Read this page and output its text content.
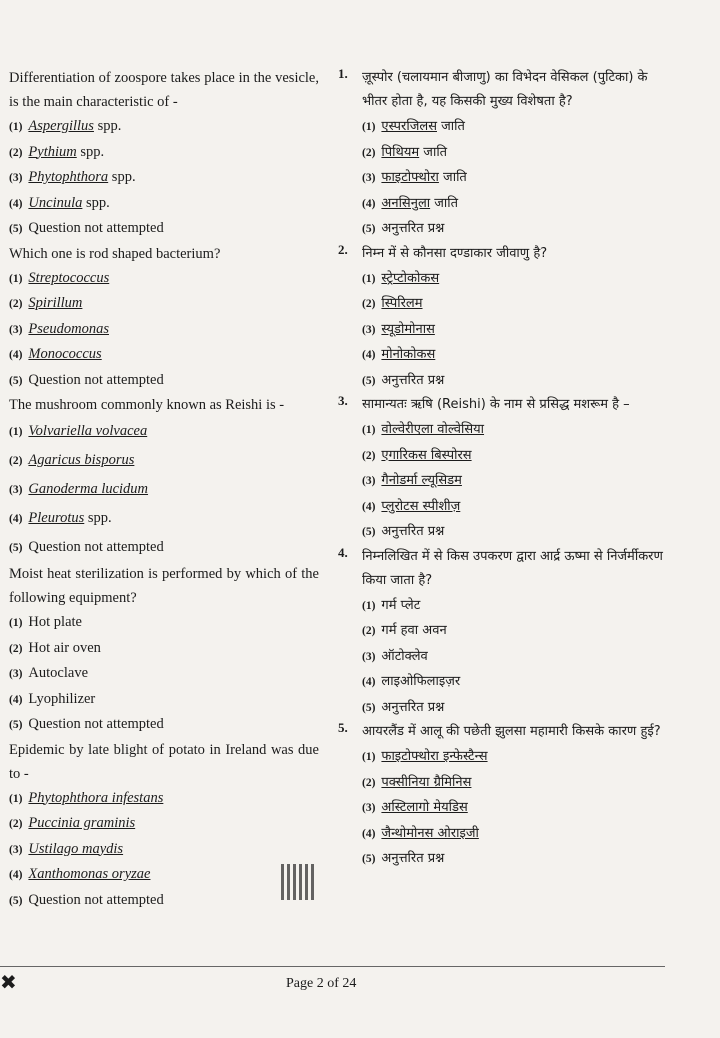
Differentiation of zoospore takes place in the vesicle, is the main characteristic of -
(1) Aspergillus spp.
(2) Pythium spp.
(3) Phytophthora spp.
(4) Uncinula spp.
(5) Question not attempted
Which one is rod shaped bacterium?
(1) Streptococcus
(2) Spirillum
(3) Pseudomonas
(4) Monococcus
(5) Question not attempted
The mushroom commonly known as Reishi is -
(1) Volvariella volvacea
(2) Agaricus bisporus
(3) Ganoderma lucidum
(4) Pleurotus spp.
(5) Question not attempted
Moist heat sterilization is performed by which of the following equipment?
(1) Hot plate
(2) Hot air oven
(3) Autoclave
(4) Lyophilizer
(5) Question not attempted
Epidemic by late blight of potato in Ireland was due to -
(1) Phytophthora infestans
(2) Puccinia graminis
(3) Ustilago maydis
(4) Xanthomonas oryzae
(5) Question not attempted
1.	ज़ूस्पोर (चलायमान बीजाणु) का विभेदन वेसिकल (पुटिका) के भीतर होता है, यह किसकी मुख्य विशेषता है?
(1) एस्परजिलस जाति
(2) पिथियम जाति
(3) फाइटोफ्थोरा जाति
(4) अनसिनुला जाति
(5) अनुत्तरित प्रश्न
2.	निम्न में से कौनसा दण्डाकार जीवाणु है?
(1) स्ट्रेप्टोकोकस
(2) स्पिरिलम
(3) स्यूडोमोनास
(4) मोनोकोकस
(5) अनुत्तरित प्रश्न
3.	सामान्यतः ऋषि (Reishi) के नाम से प्रसिद्ध मशरूम है –
(1) वोल्वेरीएला वोल्वेसिया
(2) एगारिकस बिस्पोरस
(3) गैनोडर्मा ल्यूसिडम
(4) प्लुरोटस स्पीशीज़
(5) अनुत्तरित प्रश्न
4.	निम्नलिखित में से किस उपकरण द्वारा आर्द्र ऊष्मा से निर्जर्मीकरण किया जाता है?
(1) गर्म प्लेट
(2) गर्म हवा अवन
(3) ऑटोक्लेव
(4) लाइओफिलाइज़र
(5) अनुत्तरित प्रश्न
5.	आयरलैंड में आलू की पछेती झुलसा महामारी किसके कारण हुई?
(1) फाइटोफ्थोरा इन्फेस्टैन्स
(2) पक्सीनिया ग्रैमिनिस
(3) अस्टिलागो मेयडिस
(4) जैन्थोमोनस ओराइजी
(5) अनुत्तरित प्रश्न
✖	Page 2 of 24
